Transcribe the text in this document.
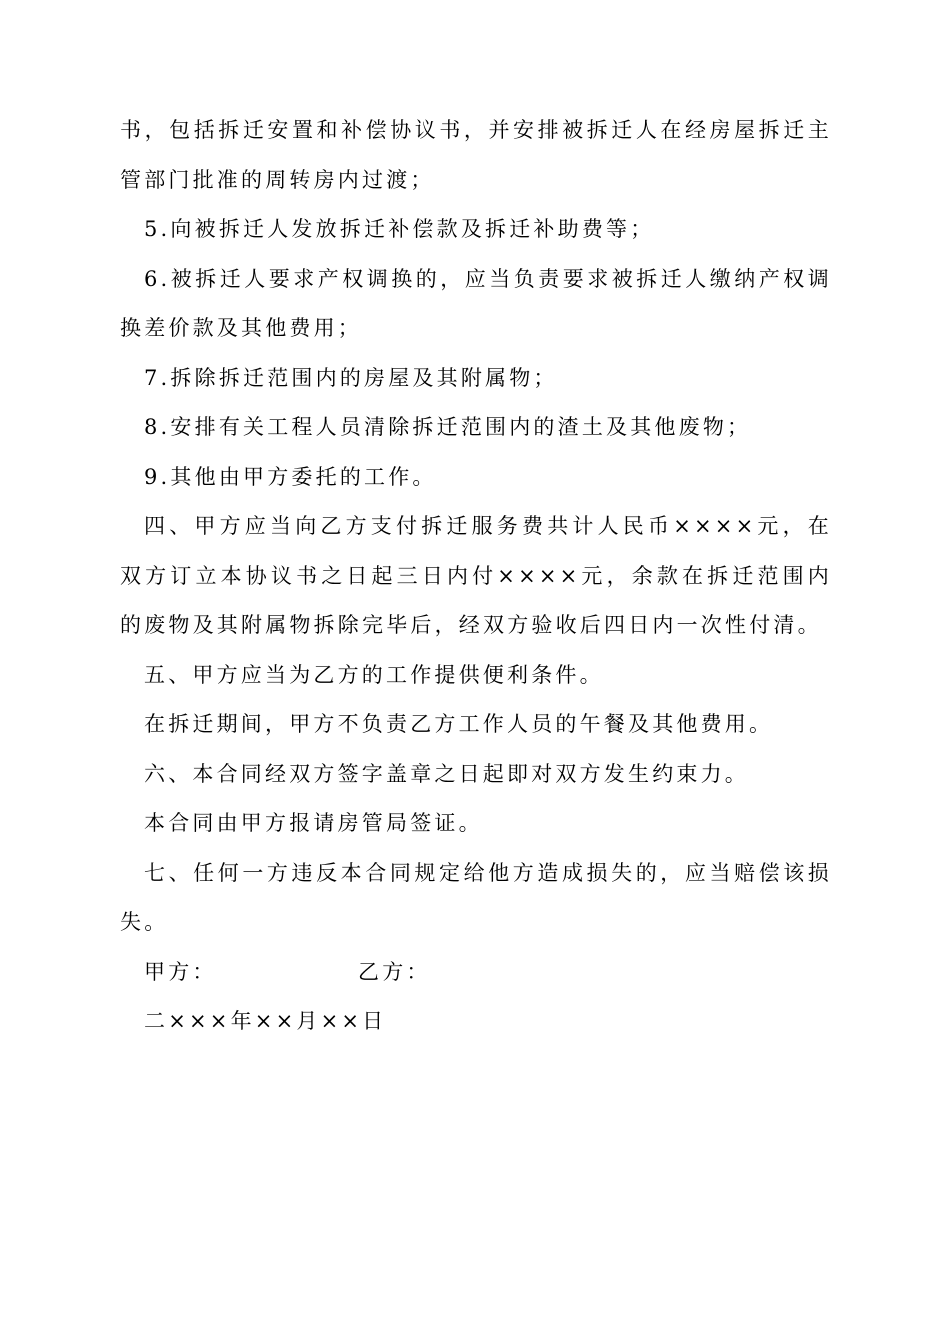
书，包括拆迁安置和补偿协议书，并安排被拆迁人在经房屋拆迁主管部门批准的周转房内过渡；

5.向被拆迁人发放拆迁补偿款及拆迁补助费等；

6.被拆迁人要求产权调换的，应当负责要求被拆迁人缴纳产权调换差价款及其他费用；

7.拆除拆迁范围内的房屋及其附属物；

8.安排有关工程人员清除拆迁范围内的渣土及其他废物；

9.其他由甲方委托的工作。

四、甲方应当向乙方支付拆迁服务费共计人民币××××元，在双方订立本协议书之日起三日内付××××元，余款在拆迁范围内的废物及其附属物拆除完毕后，经双方验收后四日内一次性付清。

五、甲方应当为乙方的工作提供便利条件。

在拆迁期间，甲方不负责乙方工作人员的午餐及其他费用。

六、本合同经双方签字盖章之日起即对双方发生约束力。

本合同由甲方报请房管局签证。

七、任何一方违反本合同规定给他方造成损失的，应当赔偿该损失。

甲方：	乙方：
二×××年××月××日
